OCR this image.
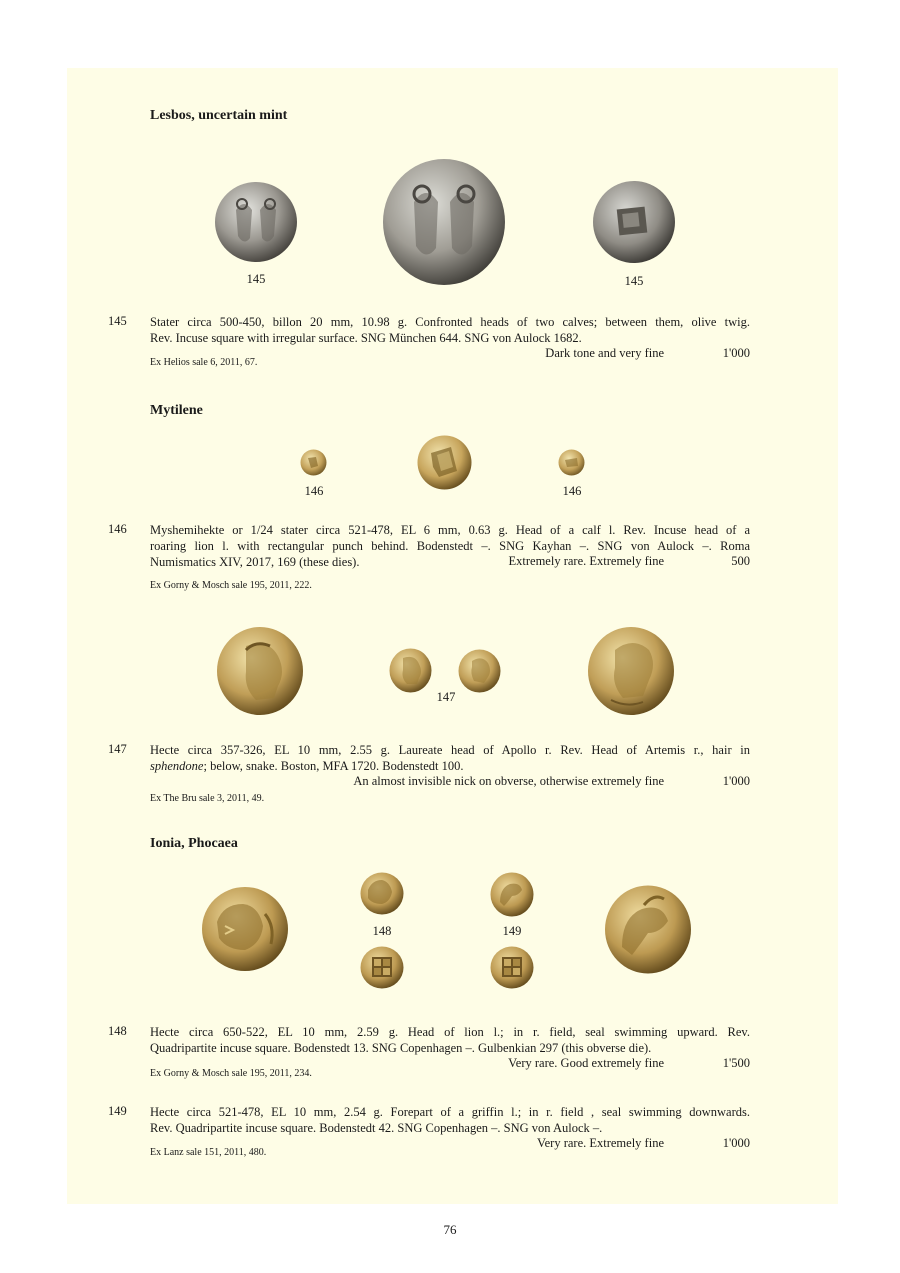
Lesbos, uncertain mint
145	145
145 Stater circa 500-450, billon 20 mm, 10.98 g. Confronted heads of two calves; between them, olive twig.
Rev. Incuse square with irregular surface. SNG München 644. SNG von Aulock 1682.
Dark tone and very fine	1'000
Ex Helios sale 6, 2011, 67.
Mytilene
146	146
146 Myshemihekte or 1/24 stater circa 521-478, EL 6 mm, 0.63 g. Head of a calf l. Rev. Incuse head of a
roaring lion l. with rectangular punch behind. Bodenstedt –. SNG Kayhan –. SNG von Aulock –. Roma
Numismatics XIV, 2017, 169 (these dies).	Extremely rare. Extremely fine	500
Ex Gorny & Mosch sale 195, 2011, 222.
147
147 Hecte circa 357-326, EL 10 mm, 2.55 g. Laureate head of Apollo r. Rev. Head of Artemis r., hair in
sphendone; below, snake. Boston, MFA 1720. Bodenstedt 100.
An almost invisible nick on obverse, otherwise extremely fine	1'000
Ex The Bru sale 3, 2011, 49.
Ionia, Phocaea
148	149
148 Hecte circa 650-522, EL 10 mm, 2.59 g. Head of lion l.; in r. field, seal swimming upward. Rev.
Quadripartite incuse square. Bodenstedt 13. SNG Copenhagen –. Gulbenkian 297 (this obverse die).
Very rare. Good extremely fine	1'500
Ex Gorny & Mosch sale 195, 2011, 234.
149 Hecte circa 521-478, EL 10 mm, 2.54 g. Forepart of a griffin l.; in r. field , seal swimming downwards.
Rev. Quadripartite incuse square. Bodenstedt 42. SNG Copenhagen –. SNG von Aulock –.
Very rare. Extremely fine	1'000
Ex Lanz sale 151, 2011, 480.
76
